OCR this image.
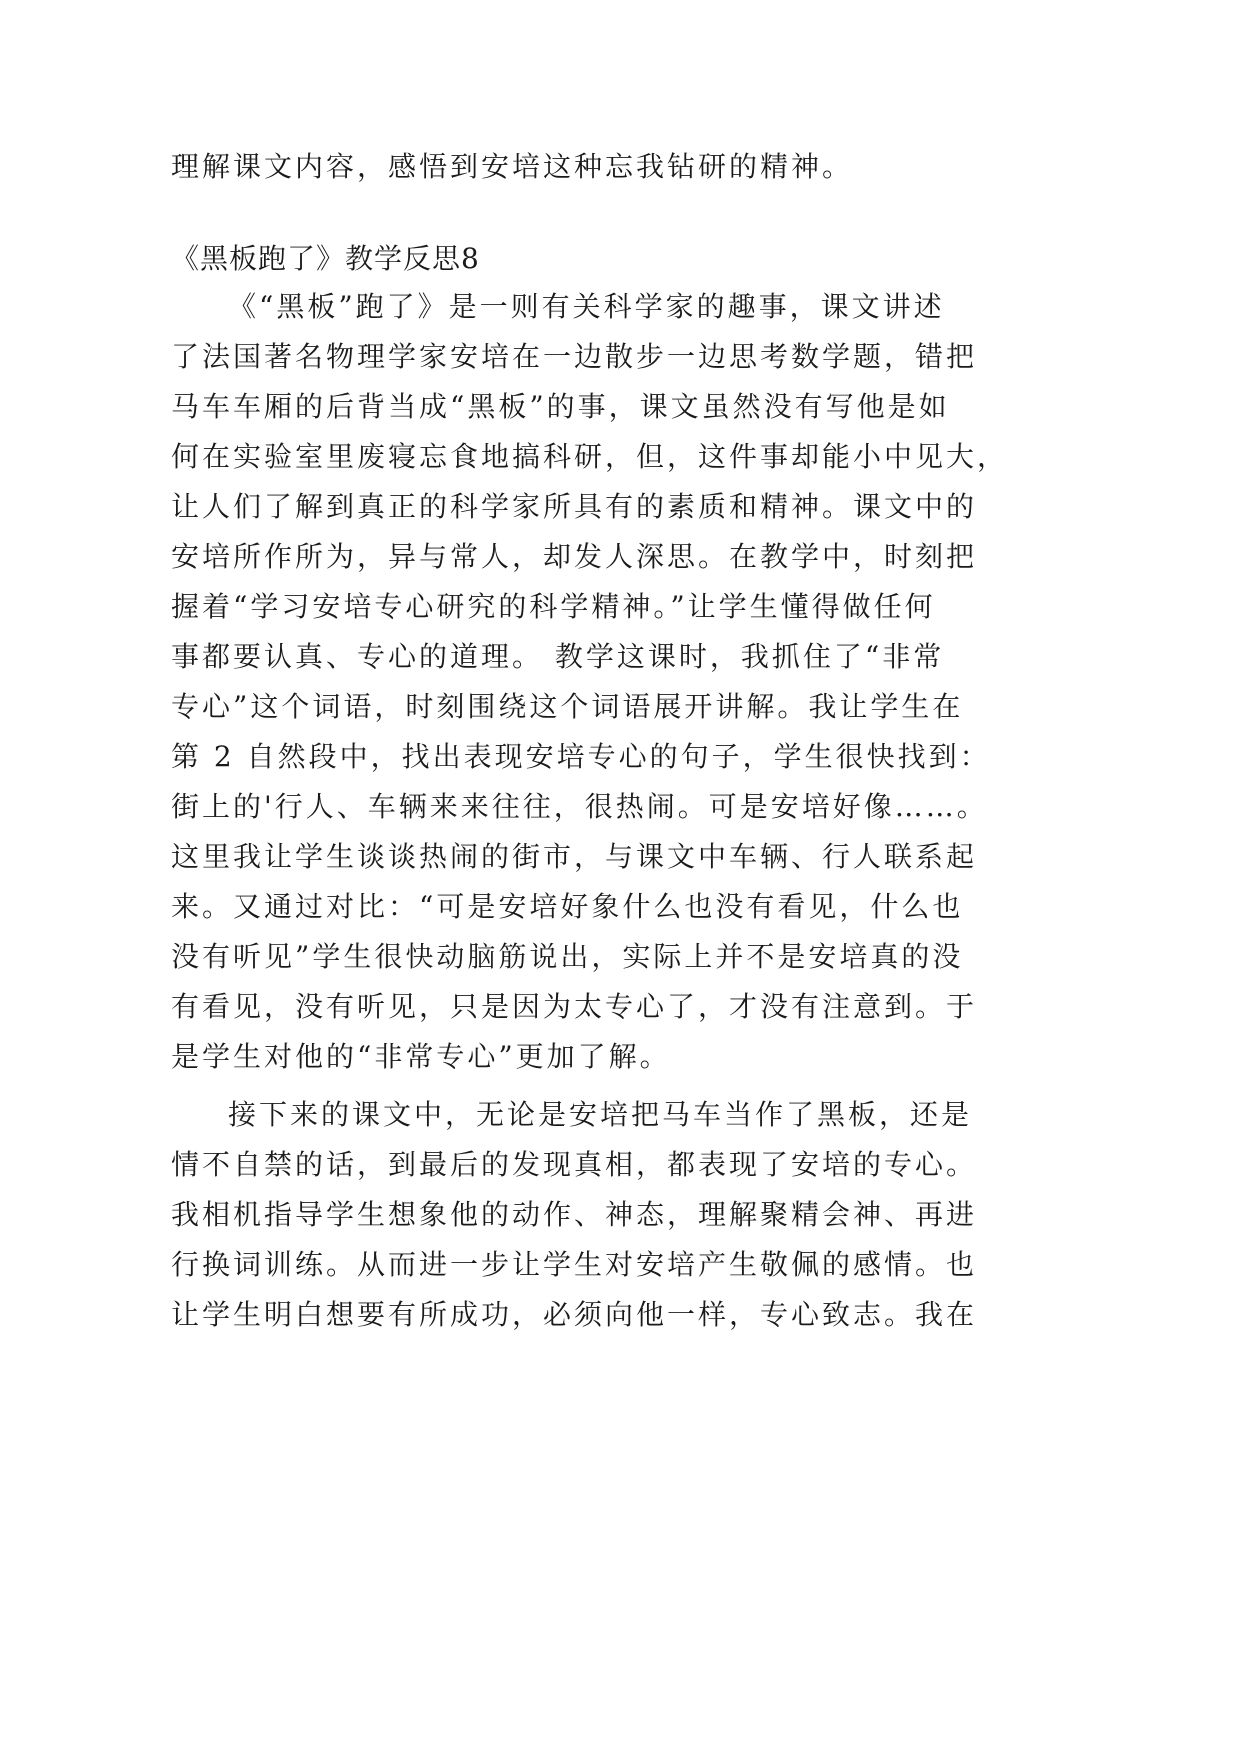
理解课文内容，感悟到安培这种忘我钻研的精神。
《黑板跑了》教学反思8
《“黑板”跑了》是一则有关科学家的趣事，课文讲述
了法国著名物理学家安培在一边散步一边思考数学题，错把
马车车厢的后背当成“黑板”的事，课文虽然没有写他是如
何在实验室里废寝忘食地搞科研，但，这件事却能小中见大，
让人们了解到真正的科学家所具有的素质和精神。课文中的
安培所作所为，异与常人，却发人深思。在教学中，时刻把
握着“学习安培专心研究的科学精神。”让学生懂得做任何
事都要认真、专心的道理。 教学这课时，我抓住了“非常
专心”这个词语，时刻围绕这个词语展开讲解。我让学生在
第 2 自然段中，找出表现安培专心的句子，学生很快找到：
街上的'行人、车辆来来往往，很热闹。可是安培好像……。
这里我让学生谈谈热闹的街市，与课文中车辆、行人联系起
来。又通过对比：“可是安培好象什么也没有看见，什么也
没有听见”学生很快动脑筋说出，实际上并不是安培真的没
有看见，没有听见，只是因为太专心了，才没有注意到。于
是学生对他的“非常专心”更加了解。
接下来的课文中，无论是安培把马车当作了黑板，还是
情不自禁的话，到最后的发现真相，都表现了安培的专心。
我相机指导学生想象他的动作、神态，理解聚精会神、再进
行换词训练。从而进一步让学生对安培产生敬佩的感情。也
让学生明白想要有所成功，必须向他一样，专心致志。我在
